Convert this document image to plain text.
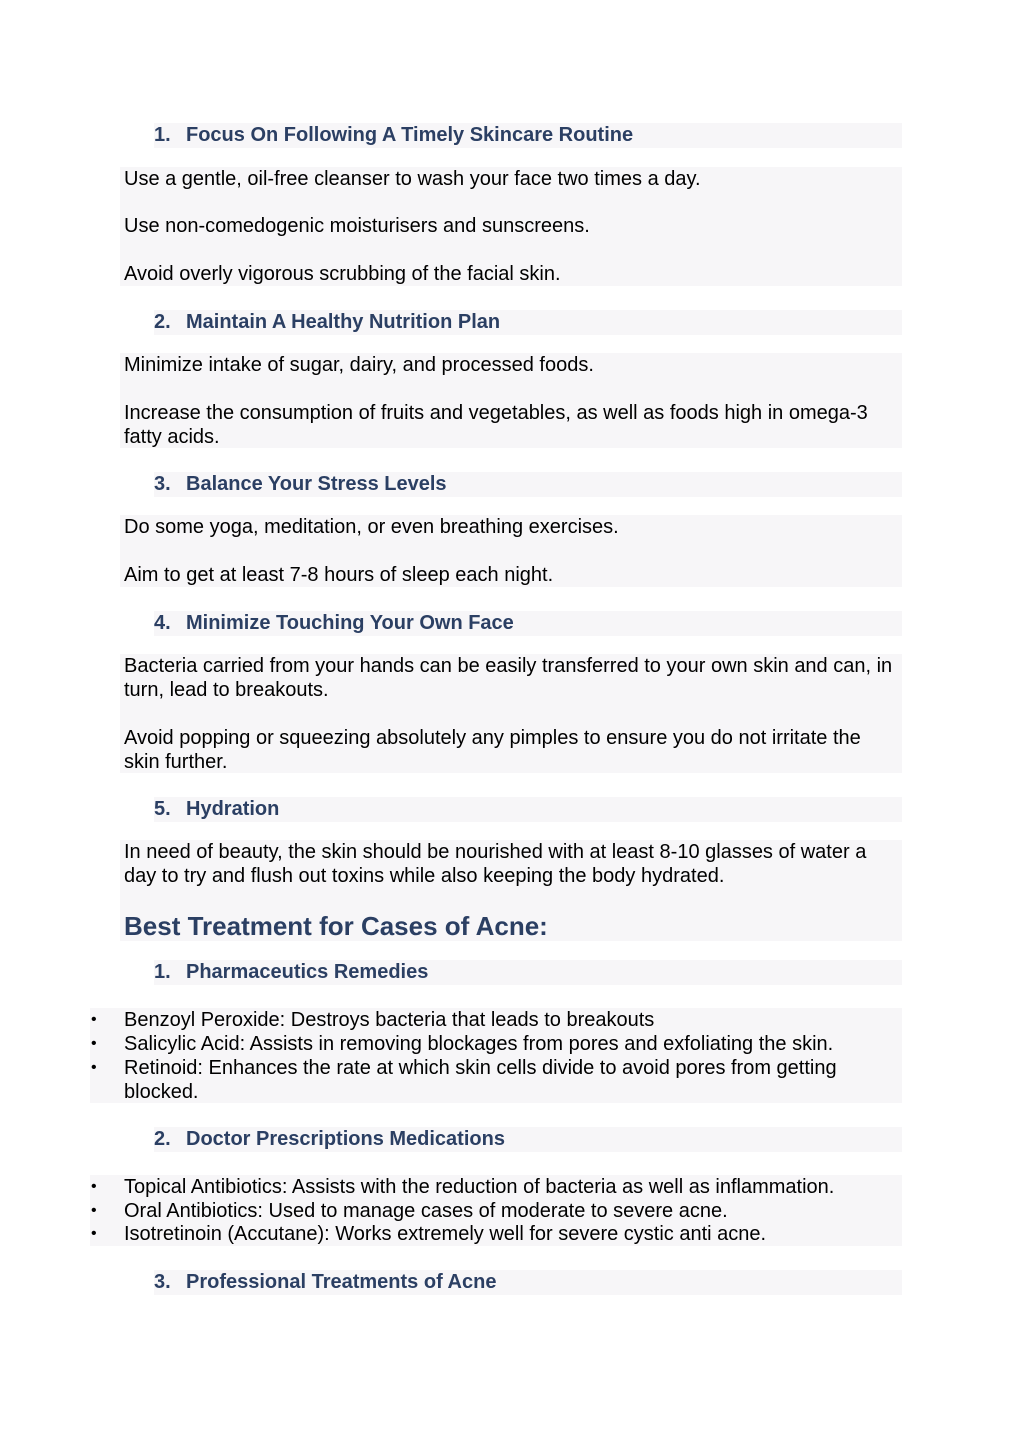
1. Focus On Following A Timely Skincare Routine
Use a gentle, oil-free cleanser to wash your face two times a day.
Use non-comedogenic moisturisers and sunscreens.
Avoid overly vigorous scrubbing of the facial skin.
2. Maintain A Healthy Nutrition Plan
Minimize intake of sugar, dairy, and processed foods.
Increase the consumption of fruits and vegetables, as well as foods high in omega-3 fatty acids.
3. Balance Your Stress Levels
Do some yoga, meditation, or even breathing exercises.
Aim to get at least 7-8 hours of sleep each night.
4. Minimize Touching Your Own Face
Bacteria carried from your hands can be easily transferred to your own skin and can, in turn, lead to breakouts.
Avoid popping or squeezing absolutely any pimples to ensure you do not irritate the skin further.
5. Hydration
In need of beauty, the skin should be nourished with at least 8-10 glasses of water a day to try and flush out toxins while also keeping the body hydrated.
Best Treatment for Cases of Acne:
1. Pharmaceutics Remedies
• Benzoyl Peroxide: Destroys bacteria that leads to breakouts
• Salicylic Acid: Assists in removing blockages from pores and exfoliating the skin.
• Retinoid: Enhances the rate at which skin cells divide to avoid pores from getting blocked.
2. Doctor Prescriptions Medications
• Topical Antibiotics: Assists with the reduction of bacteria as well as inflammation.
• Oral Antibiotics: Used to manage cases of moderate to severe acne.
• Isotretinoin (Accutane): Works extremely well for severe cystic anti acne.
3. Professional Treatments of Acne
